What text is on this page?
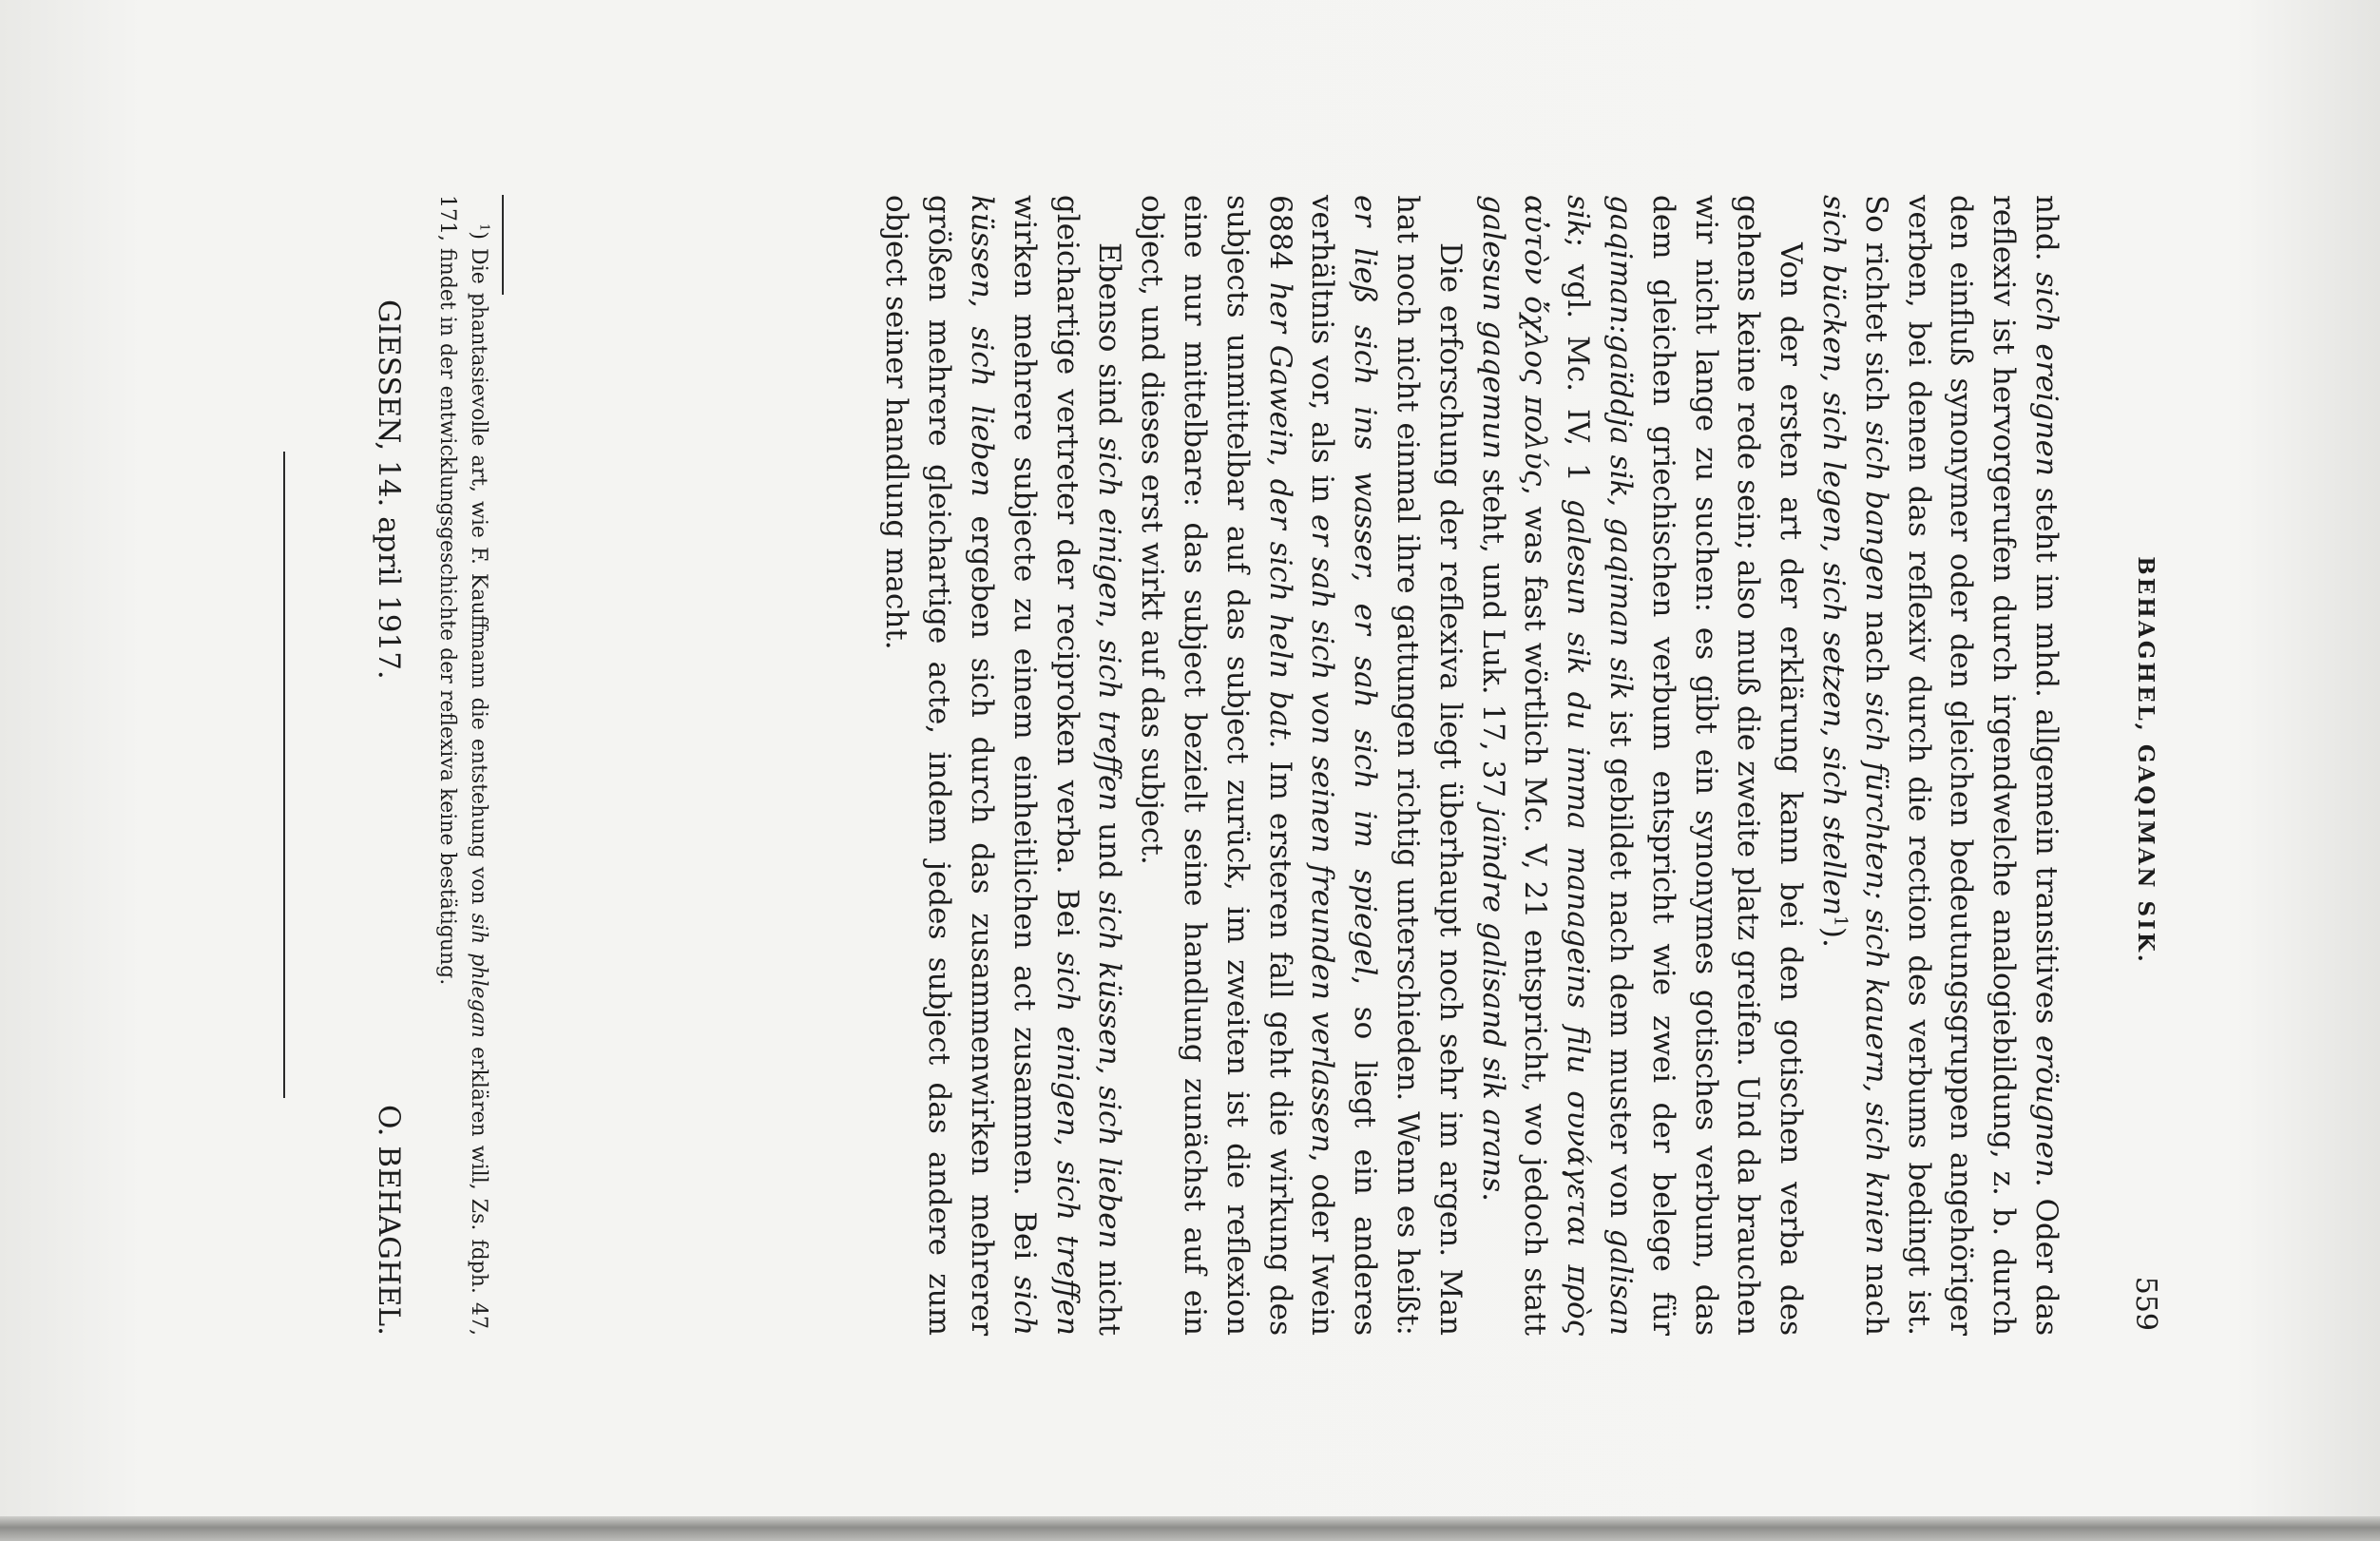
BEHAGHEL, GAQIMAN SIK.
559

nhd. sich ereignen steht im mhd. allgemein transitives eröugnen. Oder das reflexiv ist hervorgerufen durch irgendwelche analogiebildung, z. b. durch den einfluß synonymer oder den gleichen bedeutungsgruppen angehöriger verben, bei denen das reflexiv durch die rection des verbums bedingt ist. So richtet sich sich bangen nach sich fürchten; sich kauern, sich knien nach sich bücken, sich legen, sich setzen, sich stellen$^1$).

Von der ersten art der erklärung kann bei den gotischen verba des gehens keine rede sein; also muß die zweite platz greifen. Und da brauchen wir nicht lange zu suchen: es gibt ein synonymes gotisches verbum, das dem gleichen griechischen verbum entspricht wie zwei der belege für gaqiman:gaïddja sik, gaqiman sik ist gebildet nach dem muster von galisan sik; vgl. Mc. IV, 1 galesun sik du imma manageins filu συνάγεται πρὸς αὐτὸν ὄχλος πολύς, was fast wörtlich Mc. V, 21 entspricht, wo jedoch statt galesun gaqemun steht, und Luk. 17, 37 jaïndre galisand sik arans.

Die erforschung der reflexiva liegt überhaupt noch sehr im argen. Man hat noch nicht einmal ihre gattungen richtig unterschieden. Wenn es heißt: er ließ sich ins wasser, er sah sich im spiegel, so liegt ein anderes verhältnis vor, als in er sah sich von seinen freunden verlassen, oder Iwein 6884 her Gawein, der sich heln bat. Im ersteren fall geht die wirkung des subjects unmittelbar auf das subject zurück, im zweiten ist die reflexion eine nur mittelbare: das subject bezielt seine handlung zunächst auf ein object, und dieses erst wirkt auf das subject.

Ebenso sind sich einigen, sich treffen und sich küssen, sich lieben nicht gleichartige vertreter der reciproken verba. Bei sich einigen, sich treffen wirken mehrere subjecte zu einem einheitlichen act zusammen. Bei sich küssen, sich lieben ergeben sich durch das zusammenwirken mehrerer größen mehrere gleichartige acte, indem jedes subject das andere zum object seiner handlung macht.

$^1$) Die phantasievolle art, wie F. Kauffmann die entstehung von sih phlegan erklären will, Zs. fdph. 47, 171, findet in der entwicklungsgeschichte der reflexiva keine bestätigung.

GIESSEN, 14. april 1917.
O. BEHAGHEL.
